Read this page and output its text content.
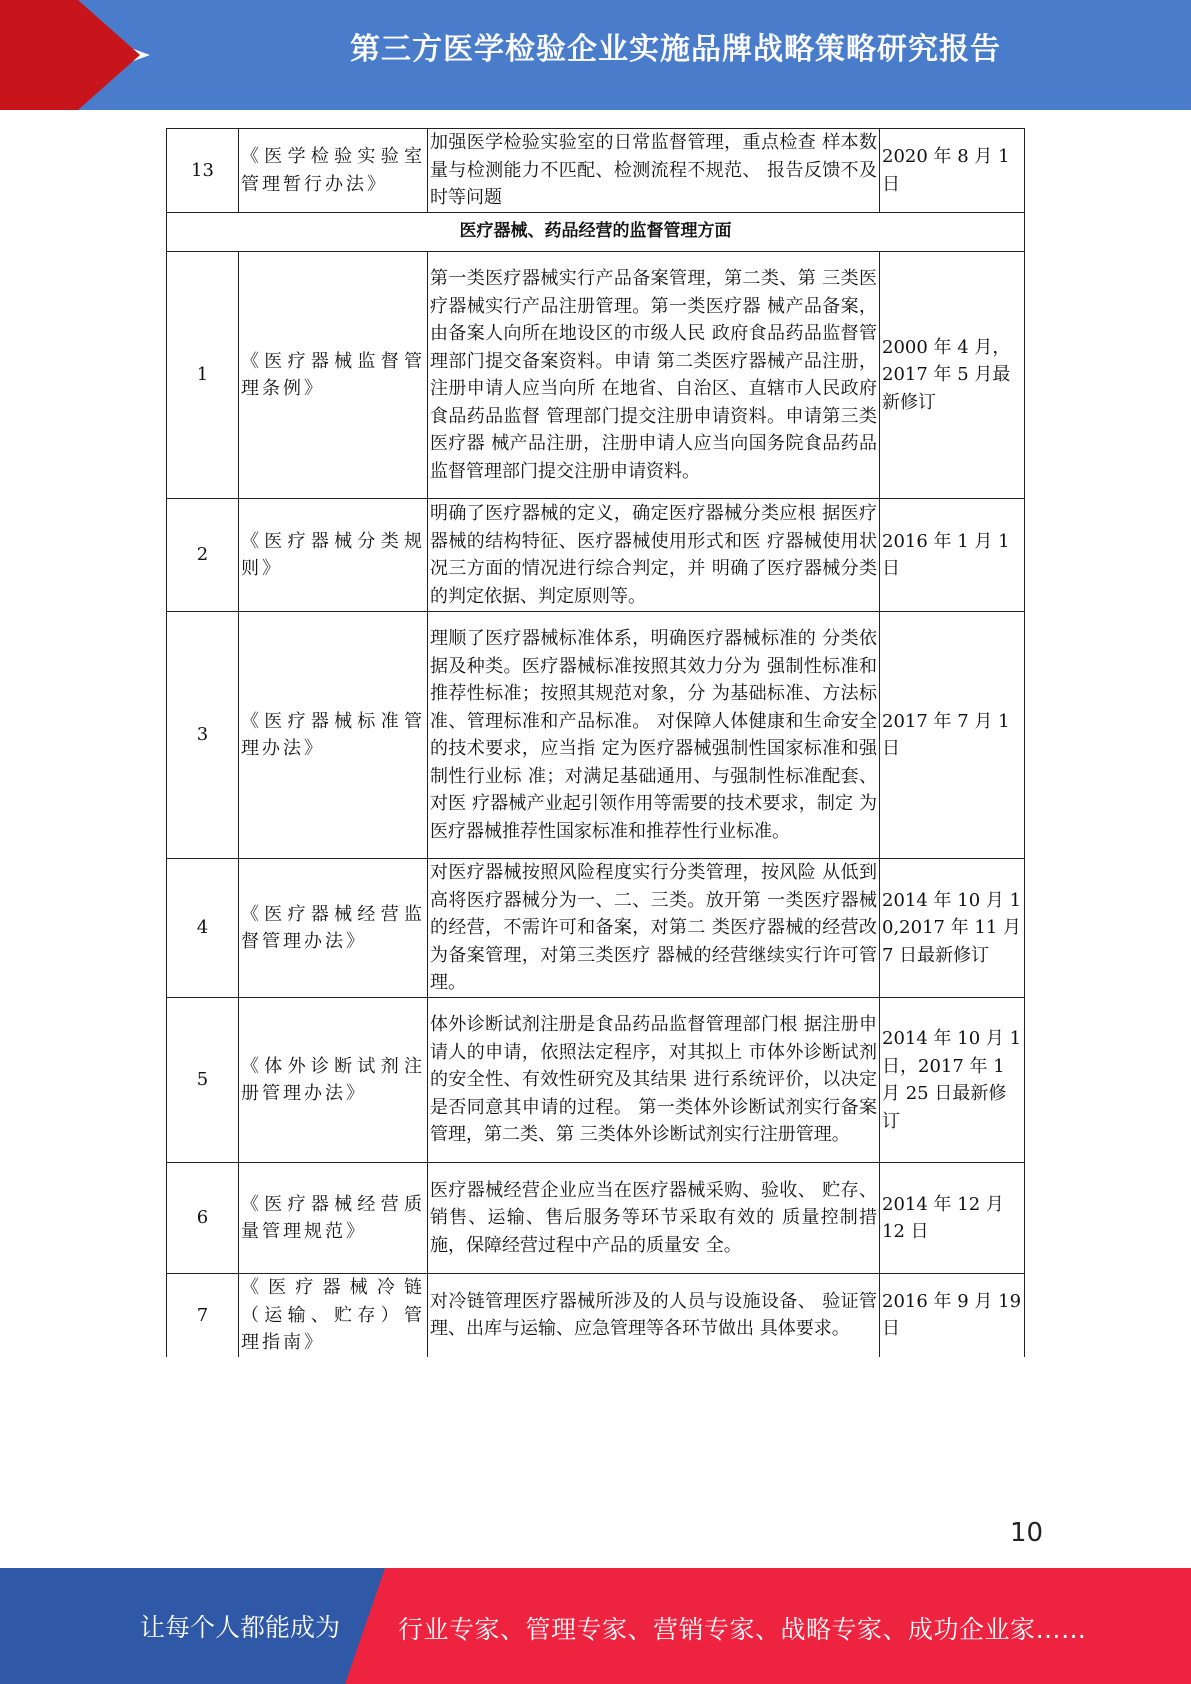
第三方医学检验企业实施品牌战略策略研究报告
13	《医学检验实验室管理暂行办法》	加强医学检验实验室的日常监督管理，重点检查 样本数量与检测能力不匹配、检测流程不规范、 报告反馈不及时等问题	2020 年 8 月 1 日
医疗器械、药品经营的监督管理方面			
1	《医疗器械监督管理条例》	第一类医疗器械实行产品备案管理，第二类、第 三类医疗器械实行产品注册管理。第一类医疗器 械产品备案，由备案人向所在地设区的市级人民 政府食品药品监督管理部门提交备案资料。申请 第二类医疗器械产品注册，注册申请人应当向所 在地省、自治区、直辖市人民政府食品药品监督 管理部门提交注册申请资料。申请第三类医疗器 械产品注册，注册申请人应当向国务院食品药品 监督管理部门提交注册申请资料。	2000 年 4 月，2017 年 5 月最新修订
2	《医疗器械分类规则》	明确了医疗器械的定义，确定医疗器械分类应根 据医疗器械的结构特征、医疗器械使用形式和医 疗器械使用状况三方面的情况进行综合判定，并 明确了医疗器械分类的判定依据、判定原则等。	2016 年 1 月 1 日
3	《医疗器械标准管理办法》	理顺了医疗器械标准体系，明确医疗器械标准的 分类依据及种类。医疗器械标准按照其效力分为 强制性标准和推荐性标准；按照其规范对象，分 为基础标准、方法标准、管理标准和产品标准。 对保障人体健康和生命安全的技术要求，应当指 定为医疗器械强制性国家标准和强制性行业标 准；对满足基础通用、与强制性标准配套、对医 疗器械产业起引领作用等需要的技术要求，制定 为医疗器械推荐性国家标准和推荐性行业标准。	2017 年 7 月 1 日
4	《医疗器械经营监督管理办法》	对医疗器械按照风险程度实行分类管理，按风险 从低到高将医疗器械分为一、二、三类。放开第 一类医疗器械的经营，不需许可和备案，对第二 类医疗器械的经营改为备案管理，对第三类医疗 器械的经营继续实行许可管理。	2014 年 10 月 1 0,2017 年 11 月 7 日最新修订
5	《体外诊断试剂注册管理办法》	体外诊断试剂注册是食品药品监督管理部门根 据注册申请人的申请，依照法定程序，对其拟上 市体外诊断试剂的安全性、有效性研究及其结果 进行系统评价，以决定是否同意其申请的过程。 第一类体外诊断试剂实行备案管理，第二类、第 三类体外诊断试剂实行注册管理。	2014 年 10 月 1 日，2017 年 1 月 25 日最新修订
6	《医疗器械经营质量管理规范》	医疗器械经营企业应当在医疗器械采购、验收、 贮存、销售、运输、售后服务等环节采取有效的 质量控制措施，保障经营过程中产品的质量安 全。	2014 年 12 月 12 日
7	《医疗器械冷链（运输、贮存）管理指南》	对冷链管理医疗器械所涉及的人员与设施设备、 验证管理、出库与运输、应急管理等各环节做出 具体要求。	2016 年 9 月 19 日
10
让每个人都能成为 行业专家、管理专家、营销专家、战略专家、成功企业家……
